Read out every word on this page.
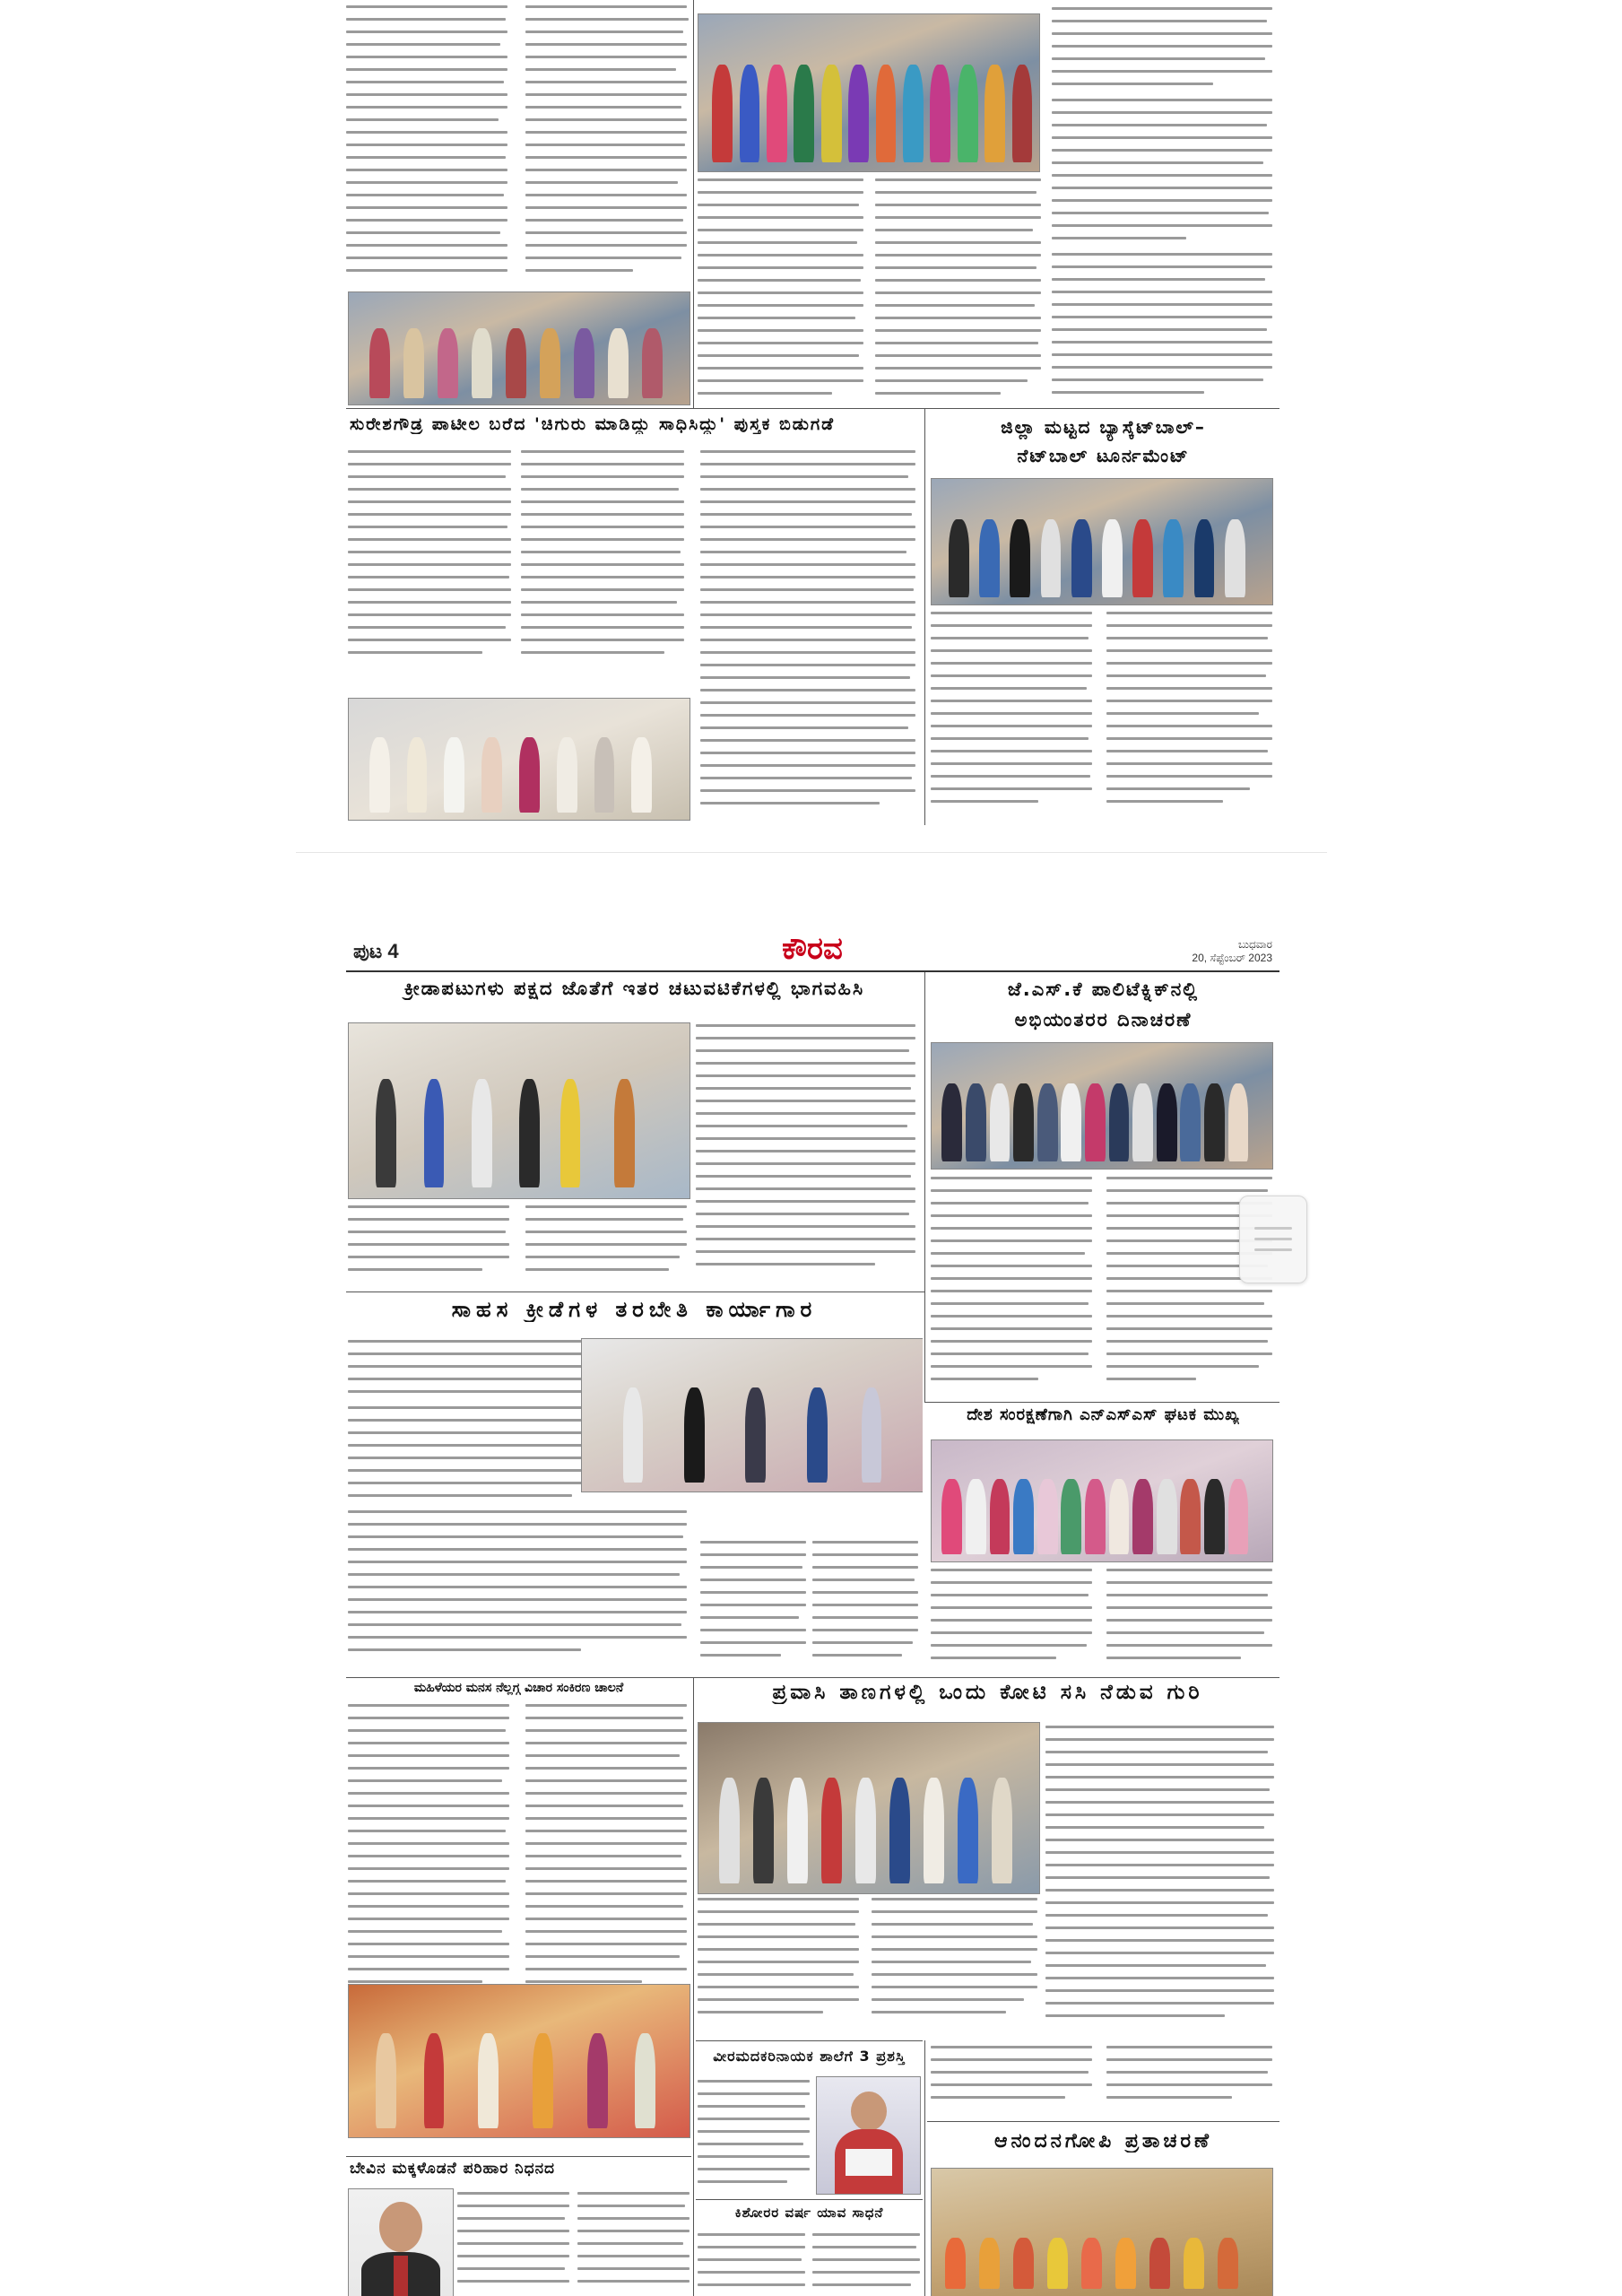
ಸುರೇಶಗೌಡ್ರ ಪಾಟೀಲ ಬರೆದ 'ಚಿಗುರು ಮಾಡಿದ್ದು ಸಾಧಿಸಿದ್ದು' ಪುಸ್ತಕ ಬಿಡುಗಡೆ	ಜಿಲ್ಲಾ ಮಟ್ಟದ ಬ್ಯಾಸ್ಕೆಟ್‌ಬಾಲ್–
ನೆಟ್‌ಬಾಲ್ ಟೂರ್ನಮೆಂಟ್
ಪುಟ 4	ಕೌರವ	ಬುಧವಾರ
20, ಸೆಪ್ಟೆಂಬರ್ 2023
ಕ್ರೀಡಾಪಟುಗಳು ಪಕ್ಷದ ಜೊತೆಗೆ ಇತರ ಚಟುವಟಿಕೆಗಳಲ್ಲಿ ಭಾಗವಹಿಸಿ	ಜೆ.ಎಸ್.ಕೆ ಪಾಲಿಟೆಕ್ನಿಕ್‌ನಲ್ಲಿ
ಅಭಿಯಂತರರ ದಿನಾಚರಣೆ
ಸಾಹಸ ಕ್ರೀಡೆಗಳ ತರಬೇತಿ ಕಾರ್ಯಾಗಾರ
ದೇಶ ಸಂರಕ್ಷಣೆಗಾಗಿ ಎನ್‌ಎಸ್‌ಎಸ್ ಘಟಕ ಮುಖ್ಯ
ಮಹಿಳೆಯರ ಮನಸ ನೆಲ್ಲಗ್ಗ ವಿಚಾರ ಸಂಕಿರಣ ಚಾಲನೆ
ಬೇವಿನ ಮಕ್ಕಳೊಡನೆ ಪರಿಹಾರ ನಿಧನದ
ಪ್ರವಾಸಿ ತಾಣಗಳಲ್ಲಿ ಒಂದು ಕೋಟಿ ಸಸಿ ನೆಡುವ ಗುರಿ
ವೀರಮದಕರಿನಾಯಕ ಶಾಲೆಗೆ 3 ಪ್ರಶಸ್ತಿ
ಕಿಶೋರರ ವರ್ಷ ಯಾವ ಸಾಧನೆ
ಆನಂದನಗೋಪಿ ಪ್ರತಾಚರಣೆ
